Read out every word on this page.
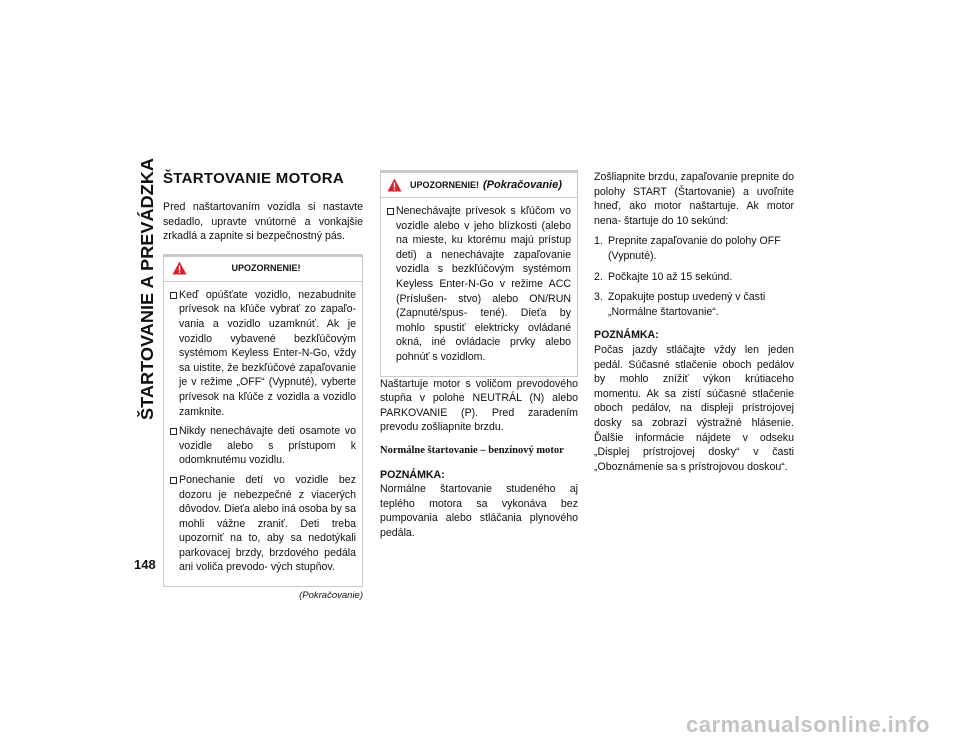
ŠTARTOVANIE A PREVÁDZKA
148
ŠTARTOVANIE MOTORA

Pred naštartovaním vozidla si nastavte sedadlo, upravte vnútorné a vonkajšie zrkadlá a zapnite si bezpečnostný pás.

UPOZORNENIE!

Keď opúšťate vozidlo, nezabudnite prívesok na kľúče vybrať zo zapaľo- vania a vozidlo uzamknúť. Ak je vozidlo vybavené bezkľúčovým systémom Keyless Enter-N-Go, vždy sa uistite, že bezkľúčové zapaľovanie je v režime „OFF“ (Vypnuté), vyberte prívesok na kľúče z vozidla a vozidlo zamknite.

Nikdy nenechávajte deti osamote vo vozidle alebo s prístupom k odomknutému vozidlu.

Ponechanie detí vo vozidle bez dozoru je nebezpečné z viacerých dôvodov. Dieťa alebo iná osoba by sa mohli vážne zraniť. Deti treba upozorniť na to, aby sa nedotýkali parkovacej brzdy, brzdového pedála ani voliča prevodo- vých stupňov.

(Pokračovanie)
UPOZORNENIE! (Pokračovanie)

Nenechávajte prívesok s kľúčom vo vozidle alebo v jeho blízkosti (alebo na mieste, ku ktorému majú prístup deti) a nenechávajte zapaľovanie vozidla s bezkľúčovým systémom Keyless Enter-N-Go v režime ACC (Príslušen- stvo) alebo ON/RUN (Zapnuté/spus- tené). Dieťa by mohlo spustiť elektricky ovládané okná, iné ovládacie prvky alebo pohnúť s vozidlom.

Naštartuje motor s voličom prevodového stupňa v polohe NEUTRÁL (N) alebo PARKOVANIE (P). Pred zaradením prevodu zošliapnite brzdu.

Normálne štartovanie – benzínový motor
POZNÁMKA:

Normálne štartovanie studeného aj teplého motora sa vykonáva bez pumpovania alebo stláčania plynového pedála.

Zošliapnite brzdu, zapaľovanie prepnite do polohy START (Štartovanie) a uvoľnite hneď, ako motor naštartuje. Ak motor nena- štartuje do 10 sekúnd:

1. Prepnite zapaľovanie do polohy OFF (Vypnuté).

2. Počkajte 10 až 15 sekúnd.

3. Zopakujte postup uvedený v časti „Normálne štartovanie“.

POZNÁMKA:

Počas jazdy stláčajte vždy len jeden pedál. Súčasné stlačenie oboch pedálov by mohlo znížiť výkon krútiaceho momentu. Ak sa zistí súčasné stlačenie oboch pedálov, na displeji prístrojovej dosky sa zobrazí výstražné hlásenie. Ďalšie informácie nájdete v odseku „Displej prístrojovej dosky“ v časti „Oboznámenie sa s prístrojovou doskou“.

carmanualsonline.info
